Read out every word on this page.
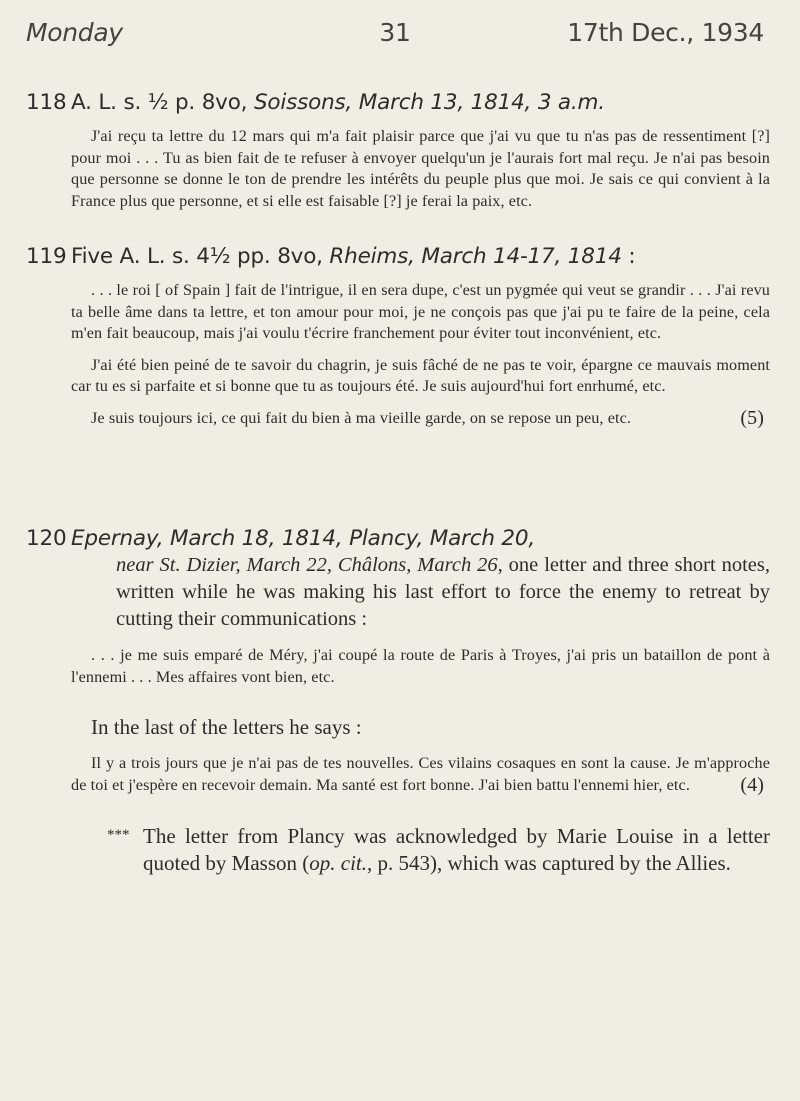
Monday	31	17th Dec., 1934
118 A. L. s. ½ p. 8vo, Soissons, March 13, 1814, 3 a.m.

J'ai reçu ta lettre du 12 mars qui m'a fait plaisir parce que j'ai vu que tu n'as pas de ressentiment [?] pour moi . . . Tu as bien fait de te refuser à envoyer quelqu'un je l'aurais fort mal reçu. Je n'ai pas besoin que personne se donne le ton de prendre les intérêts du peuple plus que moi. Je sais ce qui convient à la France plus que personne, et si elle est faisable [?] je ferai la paix, etc.

119 Five A. L. s. 4½ pp. 8vo, Rheims, March 14-17, 1814 :

. . . le roi [ of Spain ] fait de l'intrigue, il en sera dupe, c'est un pygmée qui veut se grandir . . . J'ai revu ta belle âme dans ta lettre, et ton amour pour moi, je ne conçois pas que j'ai pu te faire de la peine, cela m'en fait beaucoup, mais j'ai voulu t'écrire franchement pour éviter tout inconvénient, etc.

J'ai été bien peiné de te savoir du chagrin, je suis fâché de ne pas te voir, épargne ce mauvais moment car tu es si parfaite et si bonne que tu as toujours été. Je suis aujourd'hui fort enrhumé, etc.

Je suis toujours ici, ce qui fait du bien à ma vieille garde, on se repose un peu, etc.	(5)

120 Epernay, March 18, 1814, Plancy, March 20,
near St. Dizier, March 22, Châlons, March 26, one letter and three short notes, written while he was making his last effort to force the enemy to retreat by cutting their communications :

. . . je me suis emparé de Méry, j'ai coupé la route de Paris à Troyes, j'ai pris un bataillon de pont à l'ennemi . . . Mes affaires vont bien, etc.

In the last of the letters he says :

Il y a trois jours que je n'ai pas de tes nouvelles. Ces vilains cosaques en sont la cause. Je m'approche de toi et j'espère en recevoir demain. Ma santé est fort bonne. J'ai bien battu l'ennemi hier, etc.	(4)

*** The letter from Plancy was acknowledged by Marie Louise in a letter quoted by Masson (op. cit., p. 543), which was captured by the Allies.
